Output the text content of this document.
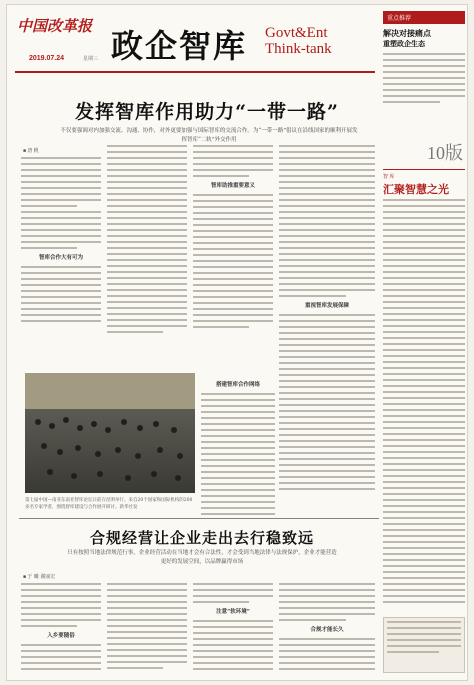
中国改革报
2019.07.24	星期三 政企智库 Govt&Ent
Think-tank
发挥智库作用助力“一带一路”
不仅要强调对内加强交流、沟通、协作，对外更要加强与国际智库的交流合作。为“一带一路”倡议在沿线国家的顺利开展发挥智库“二轨”外交作用
■ 唐 帆
智库合作大有可为
智库助推重要意义
重视智库发展保障
搭建智库合作网络
第七届中国—南亚东南亚智库论坛日前在昆明举行。来自20个国家和国际机构的200多名专家学者，围绕智库建设与合作展开研讨。新华社发
合规经营让企业走出去行稳致远
只有按照当地法律规范行事，企业经营活动在当地才会有合法性，才会受到当地法律与法规保护，企业才能营造更好的发展空间，以品牌赢得市场
■ 于 曦 谢丽宏
入乡要随俗
注意“软环境”
合规才能长久
重点推荐
解决对接痛点
重塑政企生态
10版
智 库
汇聚智慧之光
